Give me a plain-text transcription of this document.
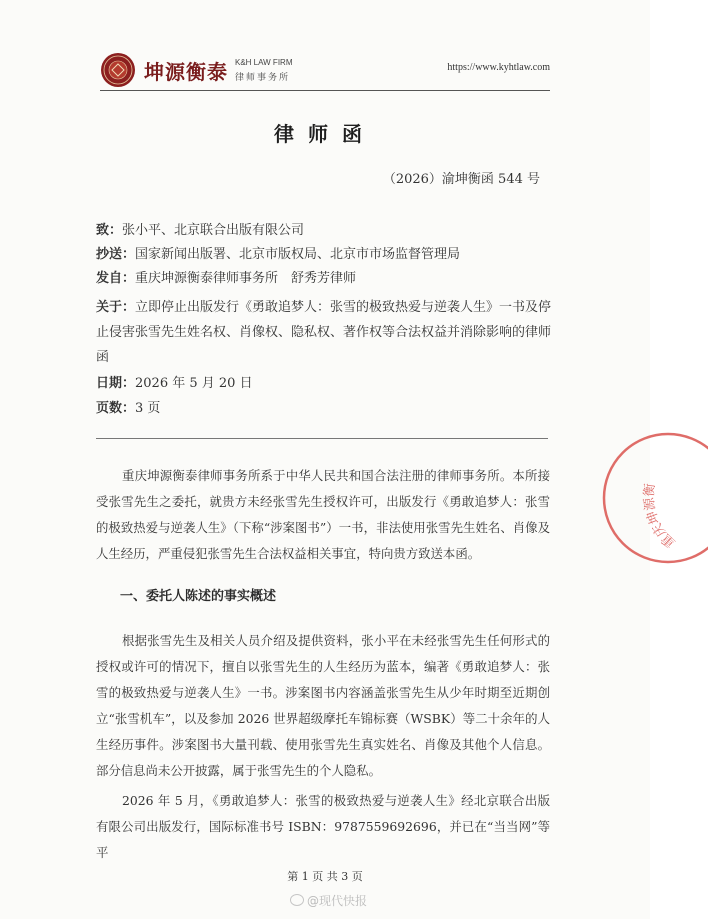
坤源衡泰 K&H LAW FIRM
律师事务所
https://www.kyhtlaw.com
律师函
（2026）渝坤衡函 544 号
致：张小平、北京联合出版有限公司
抄送：国家新闻出版署、北京市版权局、北京市市场监督管理局
发自：重庆坤源衡泰律师事务所　舒秀芳律师
关于：立即停止出版发行《勇敢追梦人：张雪的极致热爱与逆袭人生》一书及停止侵害张雪先生姓名权、肖像权、隐私权、著作权等合法权益并消除影响的律师函
日期：2026 年 5 月 20 日
页数：3 页
重庆坤源衡泰律师事务所系于中华人民共和国合法注册的律师事务所。本所接受张雪先生之委托，就贵方未经张雪先生授权许可，出版发行《勇敢追梦人：张雪的极致热爱与逆袭人生》（下称“涉案图书”）一书，非法使用张雪先生姓名、肖像及人生经历，严重侵犯张雪先生合法权益相关事宜，特向贵方致送本函。
一、委托人陈述的事实概述
根据张雪先生及相关人员介绍及提供资料，张小平在未经张雪先生任何形式的授权或许可的情况下，擅自以张雪先生的人生经历为蓝本，编著《勇敢追梦人：张雪的极致热爱与逆袭人生》一书。涉案图书内容涵盖张雪先生从少年时期至近期创立“张雪机车”，以及参加 2026 世界超级摩托车锦标赛（WSBK）等二十余年的人生经历事件。涉案图书大量刊载、使用张雪先生真实姓名、肖像及其他个人信息。部分信息尚未公开披露，属于张雪先生的个人隐私。
2026 年 5 月，《勇敢追梦人：张雪的极致热爱与逆袭人生》经北京联合出版有限公司出版发行，国际标准书号 ISBN：9787559692696，并已在“当当网”等平
第 1 页 共 3 页
@现代快报
重庆坤源衡
